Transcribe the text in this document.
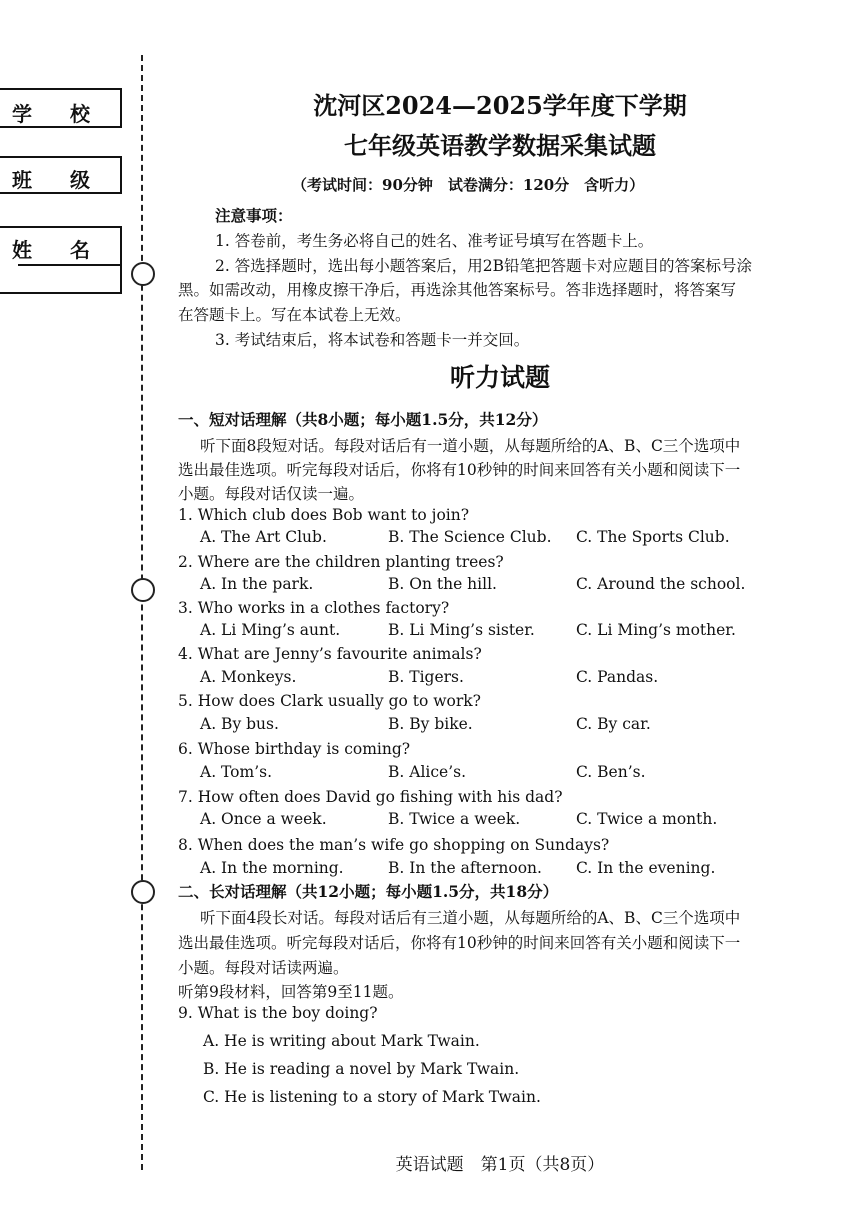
学 校
班 级
姓 名
沈河区2024—2025学年度下学期
七年级英语教学数据采集试题
（考试时间：90分钟　试卷满分：120分　含听力）
注意事项：
1. 答卷前，考生务必将自己的姓名、准考证号填写在答题卡上。
2. 答选择题时，选出每小题答案后，用2B铅笔把答题卡对应题目的答案标号涂
黑。如需改动，用橡皮擦干净后，再选涂其他答案标号。答非选择题时，将答案写
在答题卡上。写在本试卷上无效。
3. 考试结束后，将本试卷和答题卡一并交回。
听力试题
一、短对话理解（共8小题；每小题1.5分，共12分）
听下面8段短对话。每段对话后有一道小题，从每题所给的A、B、C三个选项中
选出最佳选项。听完每段对话后，你将有10秒钟的时间来回答有关小题和阅读下一
小题。每段对话仅读一遍。
1. Which club does Bob want to join?
A. The Art Club.	B. The Science Club. C. The Sports Club.
2. Where are the children planting trees?
A. In the park.	B. On the hill.	C. Around the school.
3. Who works in a clothes factory?
A. Li Ming’s aunt.	B. Li Ming’s sister.	C. Li Ming’s mother.
4. What are Jenny’s favourite animals?
A. Monkeys.	B. Tigers.	C. Pandas.
5. How does Clark usually go to work?
A. By bus.	B. By bike.	C. By car.
6. Whose birthday is coming?
A. Tom’s.	B. Alice’s.	C. Ben’s.
7. How often does David go fishing with his dad?
A. Once a week.	B. Twice a week.	C. Twice a month.
8. When does the man’s wife go shopping on Sundays?
A. In the morning.	B. In the afternoon. C. In the evening.
二、长对话理解（共12小题；每小题1.5分，共18分）
听下面4段长对话。每段对话后有三道小题，从每题所给的A、B、C三个选项中
选出最佳选项。听完每段对话后，你将有10秒钟的时间来回答有关小题和阅读下一
小题。每段对话读两遍。
听第9段材料，回答第9至11题。
9. What is the boy doing?
A. He is writing about Mark Twain.
B. He is reading a novel by Mark Twain.
C. He is listening to a story of Mark Twain.
英语试题　第1页（共8页）
